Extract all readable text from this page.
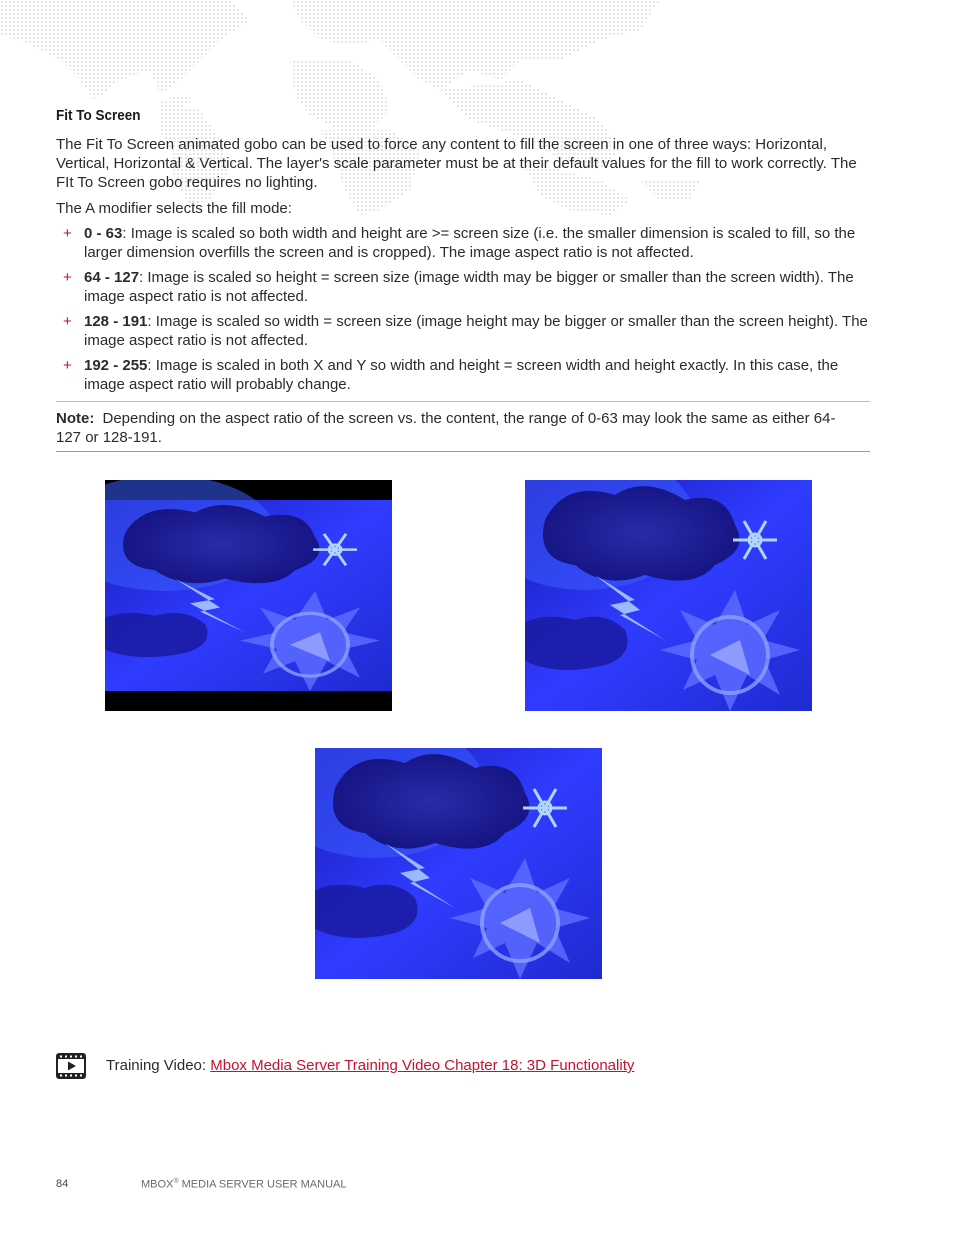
Fit To Screen
The Fit To Screen animated gobo can be used to force any content to fill the screen in one of three ways: Horizontal, Vertical, Horizontal & Vertical. The layer's scale parameter must be at their default values for the fill to work correctly. The FIt To Screen gobo requires no lighting.
The A modifier selects the fill mode:
+ 0 - 63: Image is scaled so both width and height are >= screen size (i.e. the smaller dimension is scaled to fill, so the larger dimension overfills the screen and is cropped). The image aspect ratio is not affected.
+ 64 - 127: Image is scaled so height = screen size (image width may be bigger or smaller than the screen width). The image aspect ratio is not affected.
+ 128 - 191: Image is scaled so width = screen size (image height may be bigger or smaller than the screen height). The image aspect ratio is not affected.
+ 192 - 255: Image is scaled in both X and Y so width and height = screen width and height exactly. In this case, the image aspect ratio will probably change.
Note: Depending on the aspect ratio of the screen vs. the content, the range of 0-63 may look the same as either 64-127 or 128-191.
Training Video: Mbox Media Server Training Video Chapter 18: 3D Functionality
84	MBOX® MEDIA SERVER USER MANUAL
